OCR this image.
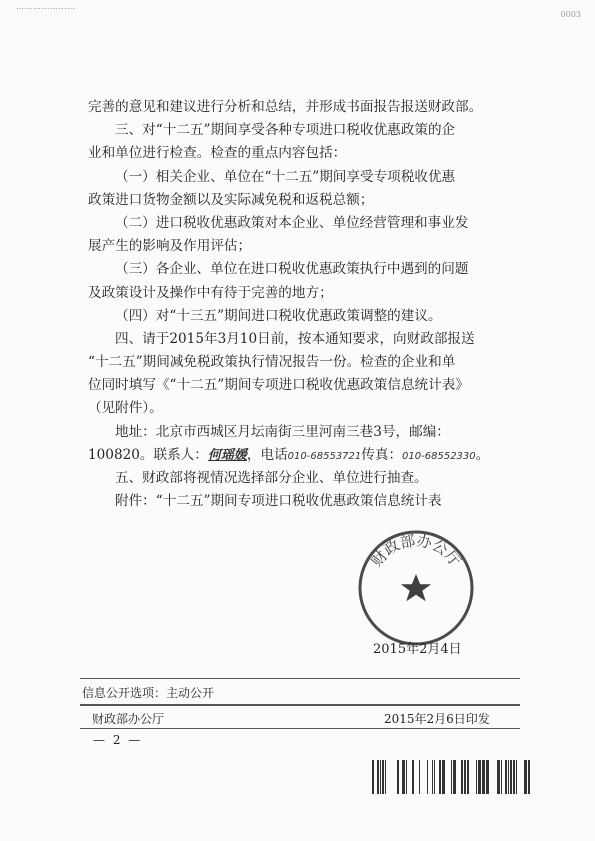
…………………
0003
完善的意见和建议进行分析和总结，并形成书面报告报送财政部。
三、对“十二五”期间享受各种专项进口税收优惠政策的企
业和单位进行检查。检查的重点内容包括：
（一）相关企业、单位在“十二五”期间享受专项税收优惠
政策进口货物金额以及实际减免税和返税总额；
（二）进口税收优惠政策对本企业、单位经营管理和事业发
展产生的影响及作用评估；
（三）各企业、单位在进口税收优惠政策执行中遇到的问题
及政策设计及操作中有待于完善的地方；
（四）对“十三五”期间进口税收优惠政策调整的建议。
四、请于2015年3月10日前，按本通知要求，向财政部报送
“十二五”期间减免税政策执行情况报告一份。检查的企业和单
位同时填写《“十二五”期间专项进口税收优惠政策信息统计表》
（见附件）。
地址：北京市西城区月坛南街三里河南三巷3号，邮编：
100820。联系人：何瑶媛，电话010-68553721传真：010-68552330。
五、财政部将视情况选择部分企业、单位进行抽查。
附件：“十二五”期间专项进口税收优惠政策信息统计表
财政部办公厅
2015年2月4日
信息公开选项：主动公开
财政部办公厅	2015年2月6日印发
— 2 —
